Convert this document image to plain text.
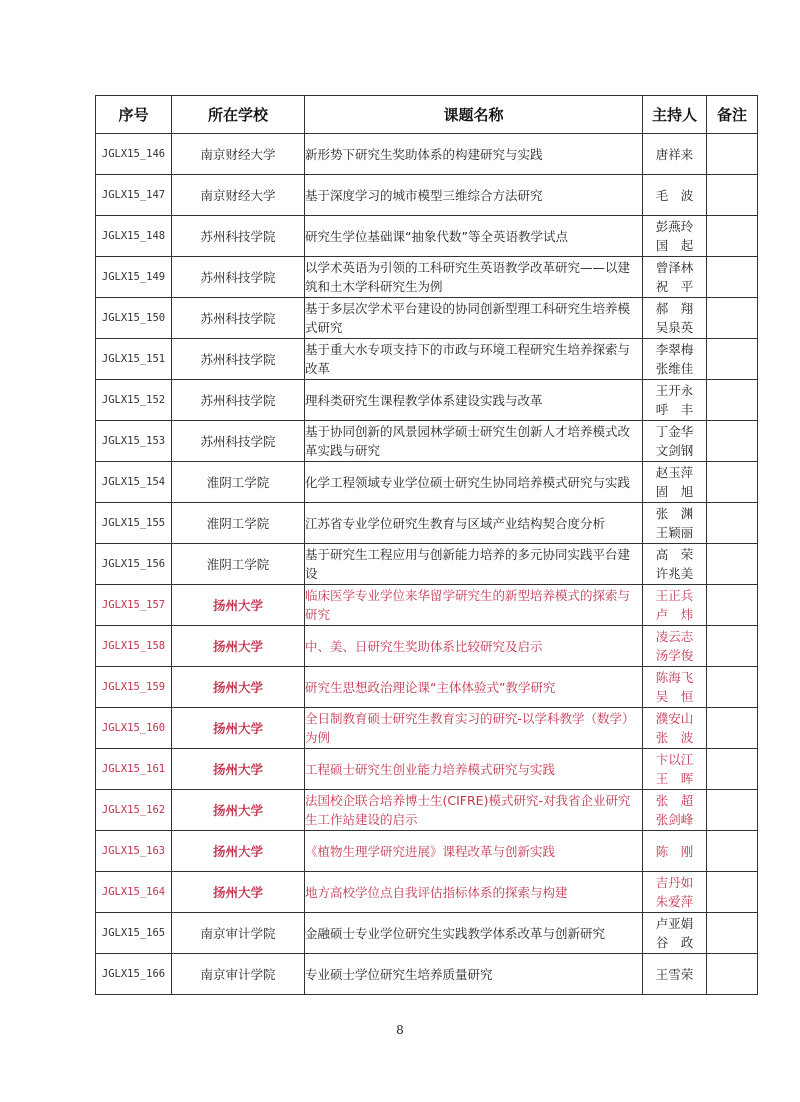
序号	所在学校	课题名称	主持人	备注
JGLX15_146	南京财经大学	新形势下研究生奖助体系的构建研究与实践	唐祥来	

JGLX15_147	南京财经大学	基于深度学习的城市模型三维综合方法研究	毛　波	

JGLX15_148	苏州科技学院	研究生学位基础课“抽象代数”等全英语教学试点	彭燕玲
国　起	

JGLX15_149	苏州科技学院	以学术英语为引领的工科研究生英语教学改革研究——以建筑和土木学科研究生为例	曾泽林
祝　平	

JGLX15_150	苏州科技学院	基于多层次学术平台建设的协同创新型理工科研究生培养模式研究	郝　翔
吴泉英	

JGLX15_151	苏州科技学院	基于重大水专项支持下的市政与环境工程研究生培养探索与改革	李翠梅
张维佳	

JGLX15_152	苏州科技学院	理科类研究生课程教学体系建设实践与改革	王开永
呼　丰	

JGLX15_153	苏州科技学院	基于协同创新的风景园林学硕士研究生创新人才培养模式改革实践与研究	丁金华
文剑钢	

JGLX15_154	淮阴工学院	化学工程领域专业学位硕士研究生协同培养模式研究与实践	赵玉萍
固　旭	

JGLX15_155	淮阴工学院	江苏省专业学位研究生教育与区域产业结构契合度分析	张　渊
王颖丽	

JGLX15_156	淮阴工学院	基于研究生工程应用与创新能力培养的多元协同实践平台建设	高　荣
许兆美	

JGLX15_157	扬州大学	临床医学专业学位来华留学研究生的新型培养模式的探索与研究	王正兵
卢　炜	

JGLX15_158	扬州大学	中、美、日研究生奖助体系比较研究及启示	凌云志
汤学俊	

JGLX15_159	扬州大学	研究生思想政治理论课“主体体验式”教学研究	陈海飞
吴　恒	

JGLX15_160	扬州大学	全日制教育硕士研究生教育实习的研究-以学科教学（数学）为例	濮安山
张　波	

JGLX15_161	扬州大学	工程硕士研究生创业能力培养模式研究与实践	卞以江
王　晖	

JGLX15_162	扬州大学	法国校企联合培养博士生(CIFRE)模式研究-对我省企业研究生工作站建设的启示	张　超
张剑峰	

JGLX15_163	扬州大学	《植物生理学研究进展》课程改革与创新实践	陈　刚	

JGLX15_164	扬州大学	地方高校学位点自我评估指标体系的探索与构建	吉丹如
朱爱萍	

JGLX15_165	南京审计学院	金融硕士专业学位研究生实践教学体系改革与创新研究	卢亚娟
谷　政	

JGLX15_166	南京审计学院	专业硕士学位研究生培养质量研究	王雪荣	

8
